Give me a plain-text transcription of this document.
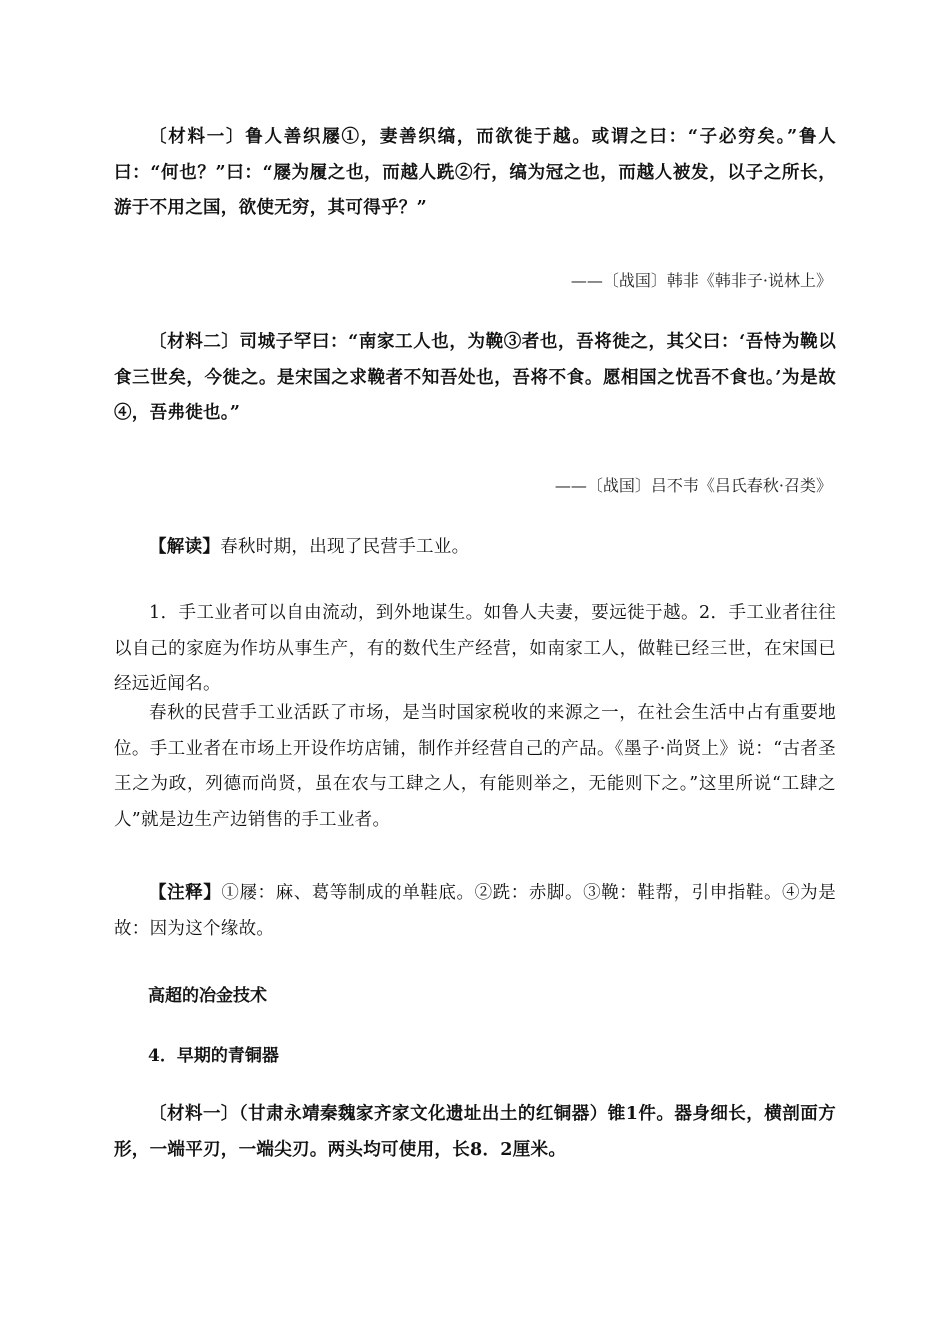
〔材料一〕鲁人善织屦①，妻善织缟，而欲徙于越。或谓之曰：“子必穷矣。”鲁人曰：“何也？”曰：“屦为履之也，而越人跣②行，缟为冠之也，而越人被发，以子之所长，游于不用之国，欲使无穷，其可得乎？”

——〔战国〕韩非《韩非子·说林上》

〔材料二〕司城子罕曰：“南家工人也，为鞔③者也，吾将徙之，其父曰：‘吾恃为鞔以食三世矣，今徙之。是宋国之求鞔者不知吾处也，吾将不食。愿相国之忧吾不食也。’为是故④，吾弗徙也。”

——〔战国〕吕不韦《吕氏春秋·召类》

【解读】春秋时期，出现了民营手工业。

1．手工业者可以自由流动，到外地谋生。如鲁人夫妻，要远徙于越。2．手工业者往往以自己的家庭为作坊从事生产，有的数代生产经营，如南家工人，做鞋已经三世，在宋国已经远近闻名。

春秋的民营手工业活跃了市场，是当时国家税收的来源之一，在社会生活中占有重要地位。手工业者在市场上开设作坊店铺，制作并经营自己的产品。《墨子·尚贤上》说：“古者圣王之为政，列德而尚贤，虽在农与工肆之人，有能则举之，无能则下之。”这里所说“工肆之人”就是边生产边销售的手工业者。

【注释】①屦：麻、葛等制成的单鞋底。②跣：赤脚。③鞔：鞋帮，引申指鞋。④为是故：因为这个缘故。

高超的冶金技术
4．早期的青铜器

〔材料一〕（甘肃永靖秦魏家齐家文化遗址出土的红铜器）锥1件。器身细长，横剖面方形，一端平刃，一端尖刃。两头均可使用，长8．2厘米。
